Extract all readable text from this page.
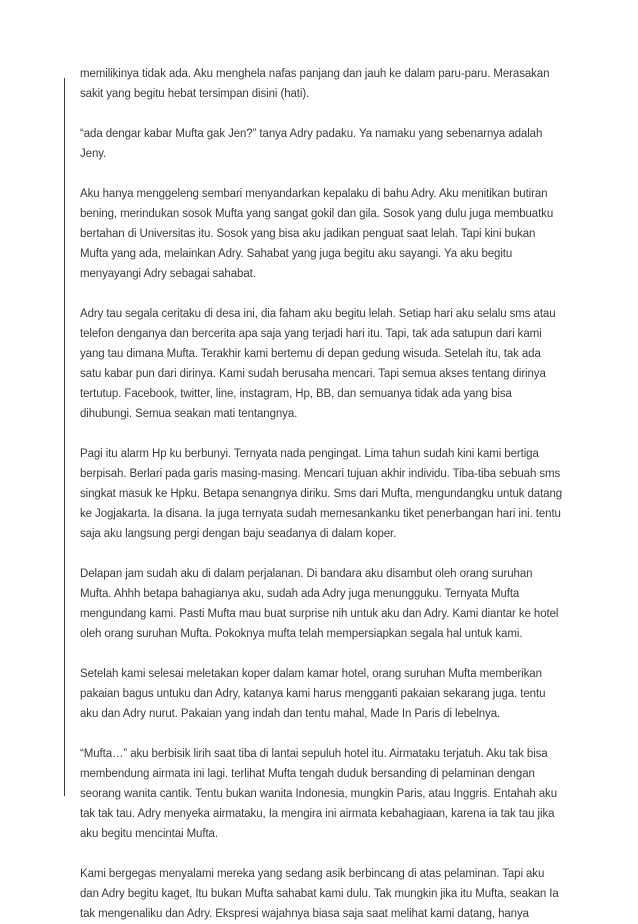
memilikinya tidak ada. Aku menghela nafas panjang dan jauh ke dalam paru-paru. Merasakan
sakit yang begitu hebat tersimpan disini (hati).

“ada dengar kabar Mufta gak Jen?” tanya Adry padaku. Ya namaku yang sebenarnya adalah
Jeny.

Aku hanya menggeleng sembari menyandarkan kepalaku di bahu Adry. Aku menitikan butiran
bening, merindukan sosok Mufta yang sangat gokil dan gila. Sosok yang dulu juga membuatku
bertahan di Universitas itu. Sosok yang bisa aku jadikan penguat saat lelah. Tapi kini bukan
Mufta yang ada, melainkan Adry. Sahabat yang juga begitu aku sayangi. Ya aku begitu
menyayangi Adry sebagai sahabat.

Adry tau segala ceritaku di desa ini, dia faham aku begitu lelah. Setiap hari aku selalu sms atau
telefon denganya dan bercerita apa saja yang terjadi hari itu. Tapi, tak ada satupun dari kami
yang tau dimana Mufta. Terakhir kami bertemu di depan gedung wisuda. Setelah itu, tak ada
satu kabar pun dari dirinya. Kami sudah berusaha mencari. Tapi semua akses tentang dirinya
tertutup. Facebook, twitter, line, instagram, Hp, BB, dan semuanya tidak ada yang bisa
dihubungi. Semua seakan mati tentangnya.

Pagi itu alarm Hp ku berbunyi. Ternyata nada pengingat. Lima tahun sudah kini kami bertiga
berpisah. Berlari pada garis masing-masing. Mencari tujuan akhir individu. Tiba-tiba sebuah sms
singkat masuk ke Hpku. Betapa senangnya diriku. Sms dari Mufta, mengundangku untuk datang
ke Jogjakarta. Ia disana. Ia juga ternyata sudah memesankanku tiket penerbangan hari ini. tentu
saja aku langsung pergi dengan baju seadanya di dalam koper.

Delapan jam sudah aku di dalam perjalanan. Di bandara aku disambut oleh orang suruhan
Mufta. Ahhh betapa bahagianya aku, sudah ada Adry juga menungguku. Ternyata Mufta
mengundang kami. Pasti Mufta mau buat surprise nih untuk aku dan Adry. Kami diantar ke hotel
oleh orang suruhan Mufta. Pokoknya mufta telah mempersiapkan segala hal untuk kami.

Setelah kami selesai meletakan koper dalam kamar hotel, orang suruhan Mufta memberikan
pakaian bagus untuku dan Adry, katanya kami harus mengganti pakaian sekarang juga. tentu
aku dan Adry nurut. Pakaian yang indah dan tentu mahal, Made In Paris di lebelnya.

“Mufta…” aku berbisik lirih saat tiba di lantai sepuluh hotel itu. Airmataku terjatuh. Aku tak bisa
membendung airmata ini lagi. terlihat Mufta tengah duduk bersanding di pelaminan dengan
seorang wanita cantik. Tentu bukan wanita Indonesia, mungkin Paris, atau Inggris. Entahah aku
tak tak tau. Adry menyeka airmataku, Ia mengira ini airmata kebahagiaan, karena ia tak tau jika
aku begitu mencintai Mufta.

Kami bergegas menyalami mereka yang sedang asik berbincang di atas pelaminan. Tapi aku
dan Adry begitu kaget, Itu bukan Mufta sahabat kami dulu. Tak mungkin jika itu Mufta, seakan Ia
tak mengenaliku dan Adry. Ekspresi wajahnya biasa saja saat melihat kami datang, hanya
